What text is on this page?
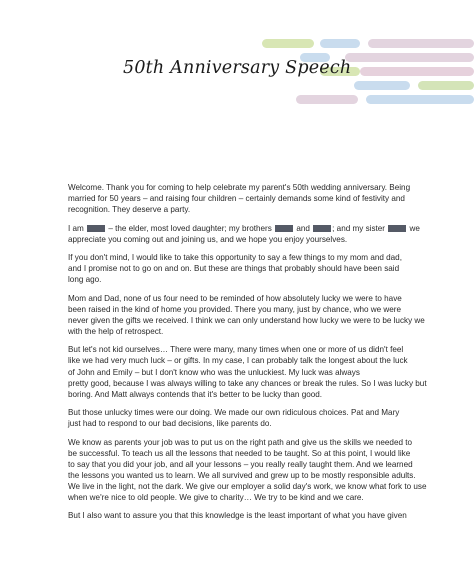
50th Anniversary Speech
Welcome. Thank you for coming to help celebrate my parent's 50th wedding anniversary. Being
married for 50 years – and raising four children – certainly demands some kind of festivity and
recognition. They deserve a party.
I am  – the elder, most loved daughter; my brothers  and ; and my sister  we
appreciate you coming out and joining us, and we hope you enjoy yourselves.
If you don't mind, I would like to take this opportunity to say a few things to my mom and dad,
and I promise not to go on and on. But these are things that probably should have been said
long ago.
Mom and Dad, none of us four need to be reminded of how absolutely lucky we were to have
been raised in the kind of home you provided. There you many, just by chance, who we were
never given the gifts we received. I think we can only understand how lucky we were to be lucky we
with the help of retrospect.
But let's not kid ourselves… There were many, many times when one or more of us didn't feel
like we had very much luck – or gifts. In my case, I can probably talk the longest about the luck
of John and Emily – but I don't know who was the unluckiest. My luck was always
pretty good, because I was always willing to take any chances or break the rules. So I was lucky but
boring. And Matt always contends that it's better to be lucky than good.
But those unlucky times were our doing. We made our own ridiculous choices. Pat and Mary
just had to respond to our bad decisions, like parents do.
We know as parents your job was to put us on the right path and give us the skills we needed to
be successful. To teach us all the lessons that needed to be taught. So at this point, I would like
to say that you did your job, and all your lessons – you really really taught them. And we learned
the lessons you wanted us to learn. We all survived and grew up to be mostly responsible adults.
We live in the light, not the dark. We give our employer a solid day's work, we know what fork to use
when we're nice to old people. We give to charity… We try to be kind and we care.
But I also want to assure you that this knowledge is the least important of what you have given
